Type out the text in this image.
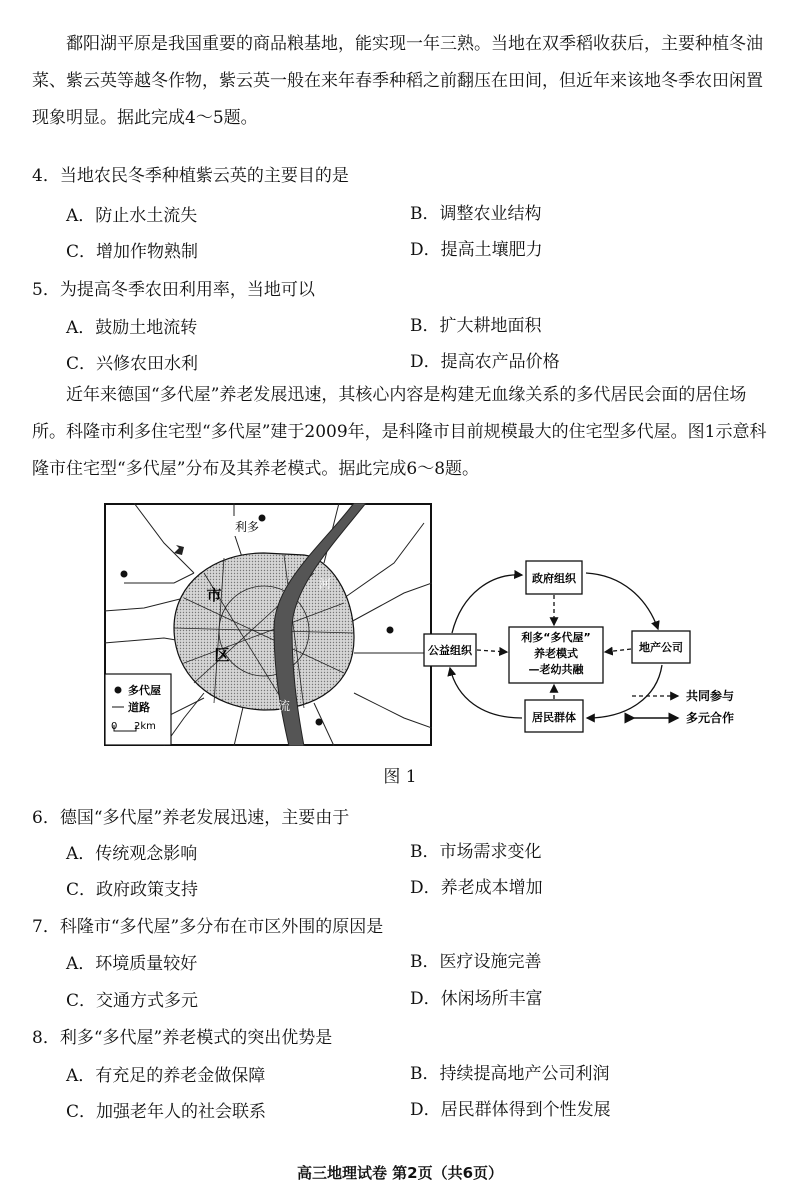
鄱阳湖平原是我国重要的商品粮基地，能实现一年三熟。当地在双季稻收获后，主要种植冬油菜、紫云英等越冬作物，紫云英一般在来年春季种稻之前翻压在田间，但近年来该地冬季农田闲置现象明显。据此完成4～5题。

4．当地农民冬季种植紫云英的主要目的是

A．防止水土流失	B．调整农业结构

C．增加作物熟制	D．提高土壤肥力

5．为提高冬季农田利用率，当地可以

A．鼓励土地流转	B．扩大耕地面积

C．兴修农田水利	D．提高农产品价格

近年来德国“多代屋”养老发展迅速，其核心内容是构建无血缘关系的多代居民会面的居住场所。科隆市利多住宅型“多代屋”建于2009年，是科隆市目前规模最大的住宅型多代屋。图1示意科隆市住宅型“多代屋”分布及其养老模式。据此完成6～8题。

利多
市
区
河
流
多代屋
道路
0 2km
政府组织
利多“多代屋”
养老模式
—老幼共融
公益组织	地产公司
居民群体
共同参与
多元合作
图 1

6．德国“多代屋”养老发展迅速，主要由于

A．传统观念影响	B．市场需求变化

C．政府政策支持	D．养老成本增加

7．科隆市“多代屋”多分布在市区外围的原因是

A．环境质量较好	B．医疗设施完善

C．交通方式多元	D．休闲场所丰富

8．利多“多代屋”养老模式的突出优势是

A．有充足的养老金做保障	B．持续提高地产公司利润

C．加强老年人的社会联系	D．居民群体得到个性发展

高三地理试卷 第2页（共6页）
